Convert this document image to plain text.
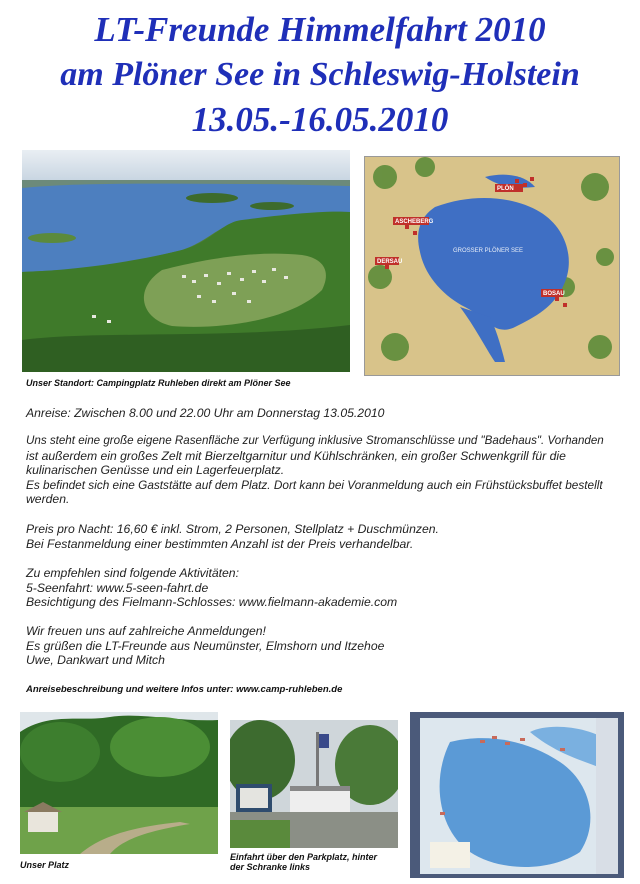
LT-Freunde Himmelfahrt 2010
am Plöner See in Schleswig-Holstein
13.05.-16.05.2010
PLÖN
ASCHEBERG
DERSAU
BOSAU
GROSSER PLÖNER SEE
Unser Standort: Campingplatz Ruhleben direkt am Plöner See

Anreise: Zwischen 8.00 und 22.00 Uhr am Donnerstag 13.05.2010

Uns steht eine große eigene Rasenfläche zur Verfügung inklusive Stromanschlüsse und "Badehaus". Vorhanden

ist außerdem ein großes Zelt mit Bierzeltgarnitur und Kühlschränken, ein großer Schwenkgrill für die

kulinarischen Genüsse und ein Lagerfeuerplatz.

Es befindet sich eine Gaststätte auf dem Platz. Dort kann bei Voranmeldung auch ein Frühstücksbuffet bestellt

werden.

Preis pro Nacht: 16,60 € inkl. Strom, 2 Personen, Stellplatz + Duschmünzen.

Bei Festanmeldung einer bestimmten Anzahl ist der Preis verhandelbar.

Zu empfehlen sind folgende Aktivitäten:

5-Seenfahrt: www.5-seen-fahrt.de

Besichtigung des Fielmann-Schlosses: www.fielmann-akademie.com

Wir freuen uns auf zahlreiche Anmeldungen!

Es grüßen die LT-Freunde aus Neumünster, Elmshorn und Itzehoe

Uwe, Dankwart und Mitch

Anreisebeschreibung und weitere Infos unter: www.camp-ruhleben.de
Unser Platz
Einfahrt über den Parkplatz, hinter
der Schranke links
